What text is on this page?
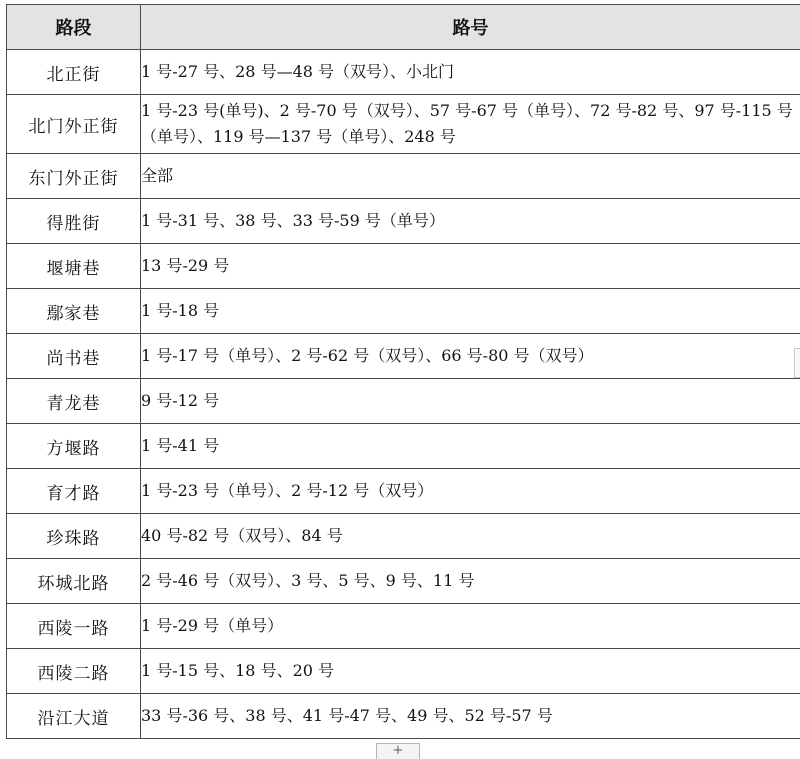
路段	路号
北正街	1 号-27 号、28 号—48 号（双号）、小北门
北门外正街	1 号-23 号(单号)、2 号-70 号（双号）、57 号-67 号（单号）、72 号-82 号、97 号-115 号（单号）、119 号—137 号（单号）、248 号
东门外正街	全部
得胜街	1 号-31 号、38 号、33 号-59 号（单号）
堰塘巷	13 号-29 号
鄢家巷	1 号-18 号
尚书巷	1 号-17 号（单号）、2 号-62 号（双号）、66 号-80 号（双号）
青龙巷	9 号-12 号
方堰路	1 号-41 号
育才路	1 号-23 号（单号）、2 号-12 号（双号）
珍珠路	40 号-82 号（双号）、84 号
环城北路	2 号-46 号（双号）、3 号、5 号、9 号、11 号
西陵一路	1 号-29 号（单号）
西陵二路	1 号-15 号、18 号、20 号
沿江大道	33 号-36 号、38 号、41 号-47 号、49 号、52 号-57 号
+
